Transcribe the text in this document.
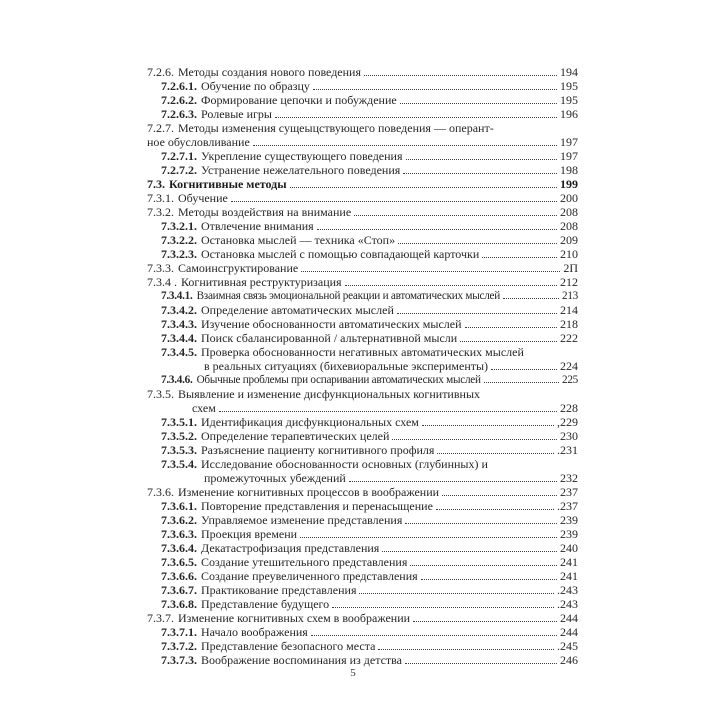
7.2.6. Методы создания нового поведения	194
7.2.6.1. Обучение по образцу	195
7.2.6.2. Формирование цепочки и побуждение	195
7.2.6.3. Ролевые игры	196
7.2.7. Методы изменения сущеыцствующего поведения — оперант-
ное обусловливание	197
7.2.7.1. Укрепление существующего поведения	197
7.2.7.2. Устранение нежелательного поведения	198
7.3. Когнитивные методы	199
7.3.1. Обучение	200
7.3.2. Методы воздействия на внимание	208
7.3.2.1. Отвлечение внимания	208
7.3.2.2. Остановка мыслей — техника «Стоп»	209
7.3.2.3. Остановка мыслей с помощью совпадающей карточки	210
7.3.3. Самоинсгруктирование	2П
7.3.4 . Когнитивная реструктуризация	212
7.3.4.1. Взаимная связь эмоциональной реакции и автоматических мыслей	213
7.3.4.2. Определение автоматических мыслей	214
7.3.4.3. Изучение обоснованности автоматических мыслей	218
7.3.4.4. Поиск сбалансированной / альтернативной мысли	222
7.3.4.5. Проверка обоснованности негативных автоматических мыслей
в реальных ситуациях (бихевиоральные эксперименты)	224
7.3.4.6. Обычные проблемы при оспаривании автоматических мыслей	225
7.3.5. Выявление и изменение дисфункциональных когнитивных
схем	228
7.3.5.1. Идентификация дисфункциональных схем	,229
7.3.5.2. Определение терапевтических целей	230
7.3.5.3. Разъяснение пациенту когнитивного профиля	.231
7.3.5.4. Исследование обоснованности основных (глубинных) и
промежуточных убеждений	232
7.3.6. Изменение когнитивных процессов в воображении	237
7.3.6.1. Повторение представления и перенасыщение	.237
7.3.6.2. Управляемое изменение представления	239
7.3.6.3. Проекция времени	239
7.3.6.4. Декатастрофизация представления	240
7.3.6.5. Создание утешительного представления	241
7.3.6.6. Создание преувеличенного представления	241
7.3.6.7. Практикование представления	.243
7.3.6.8. Представление будущего	.243
7.3.7. Изменение когнитивных схем в воображении	244
7.3.7.1. Начало воображения	244
7.3.7.2. Представление безопасного места	.245
7.3.7.3. Воображение воспоминания из детства	246
5
